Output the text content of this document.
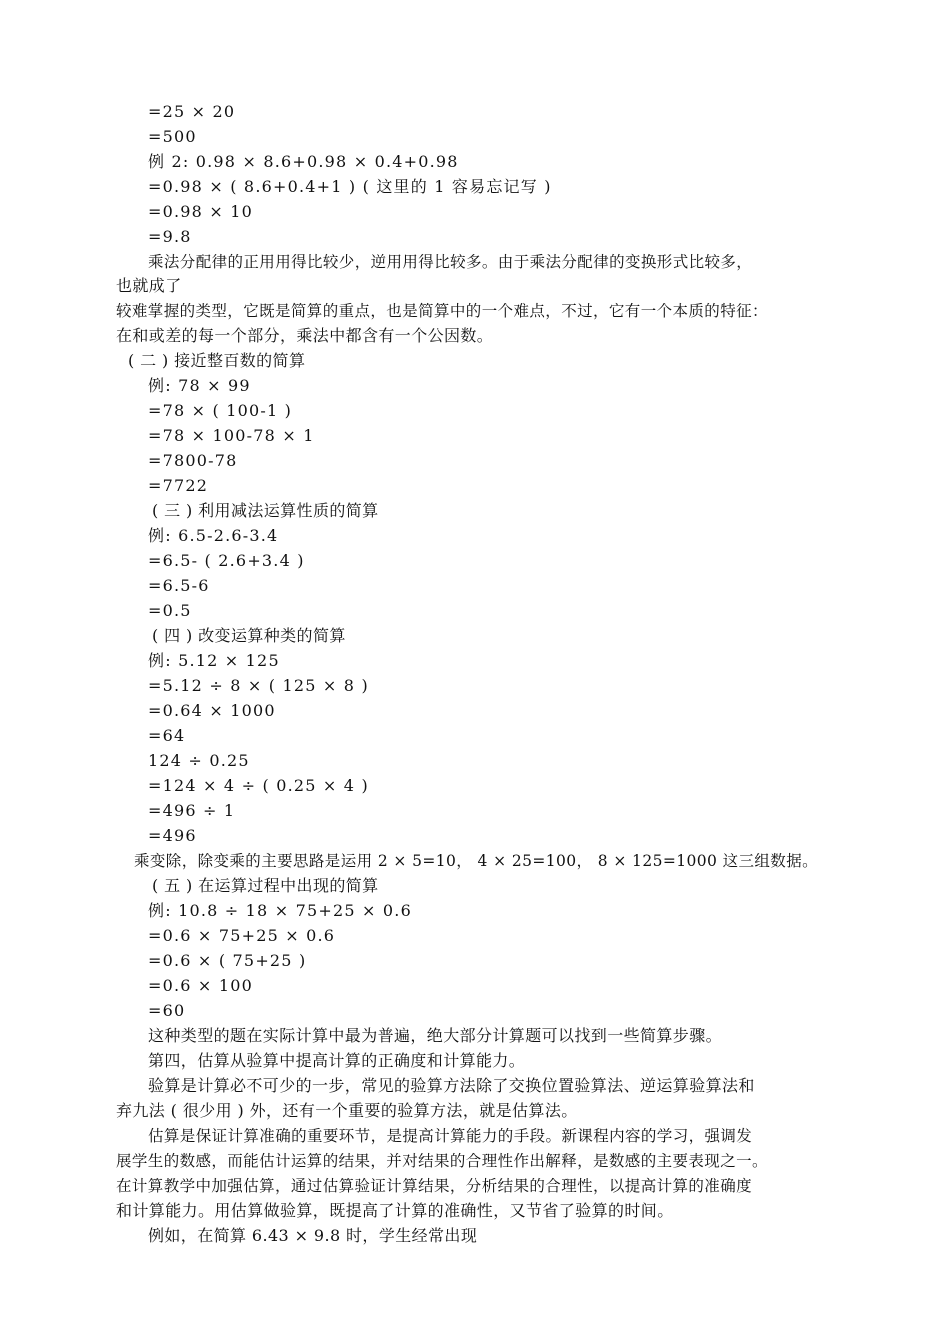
=25 × 20
=500
例 2: 0.98 × 8.6+0.98 × 0.4+0.98
=0.98 × ( 8.6+0.4+1 ) ( 这里的 1 容易忘记写 )
=0.98 × 10
=9.8
乘法分配律的正用用得比较少，逆用用得比较多。由于乘法分配律的变换形式比较多，
也就成了
较难掌握的类型，它既是简算的重点，也是简算中的一个难点，不过，它有一个本质的特征：
在和或差的每一个部分，乘法中都含有一个公因数。
( 二 ) 接近整百数的简算
例: 78 × 99
=78 × ( 100-1 )
=78 × 100-78 × 1
=7800-78
=7722
( 三 ) 利用减法运算性质的简算
例: 6.5-2.6-3.4
=6.5- ( 2.6+3.4 )
=6.5-6
=0.5
( 四 ) 改变运算种类的简算
例: 5.12 × 125
=5.12 ÷ 8 × ( 125 × 8 )
=0.64 × 1000
=64
124 ÷ 0.25
=124 × 4 ÷ ( 0.25 × 4 )
=496 ÷ 1
=496
乘变除，除变乘的主要思路是运用 2 × 5=10， 4 × 25=100， 8 × 125=1000 这三组数据。
( 五 ) 在运算过程中出现的简算
例: 10.8 ÷ 18 × 75+25 × 0.6
=0.6 × 75+25 × 0.6
=0.6 × ( 75+25 )
=0.6 × 100
=60
这种类型的题在实际计算中最为普遍，绝大部分计算题可以找到一些简算步骤。
第四，估算从验算中提高计算的正确度和计算能力。
验算是计算必不可少的一步，常见的验算方法除了交换位置验算法、逆运算验算法和
弃九法 ( 很少用 ) 外，还有一个重要的验算方法，就是估算法。
估算是保证计算准确的重要环节，是提高计算能力的手段。新课程内容的学习，强调发
展学生的数感，而能估计运算的结果，并对结果的合理性作出解释，是数感的主要表现之一。
在计算教学中加强估算，通过估算验证计算结果，分析结果的合理性，以提高计算的准确度
和计算能力。用估算做验算，既提高了计算的准确性，又节省了验算的时间。
例如，在简算 6.43 × 9.8 时，学生经常出现
